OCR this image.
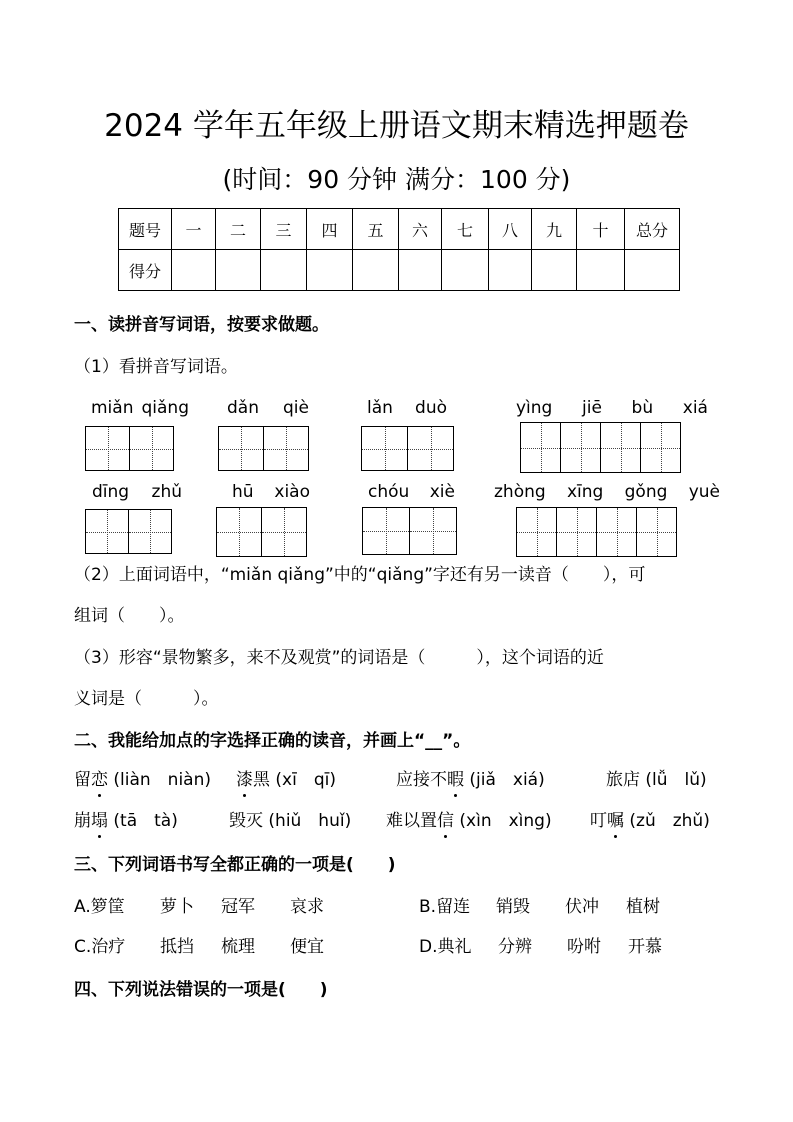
2024 学年五年级上册语文期末精选押题卷
(时间：90 分钟 满分：100 分)
题号	一	二	三	四	五	六	七	八	九	十	总分
得分											
一、读拼音写词语，按要求做题。
（1）看拼音写词语。
miǎn qiǎng dǎn qiè	lǎn duò	yìng jiē bù xiá
dīng zhǔ	hū xiào	chóu xiè zhòng xīng gǒng yuè
（2）上面词语中，“miǎn qiǎng”中的“qiǎng”字还有另一读音（　　），可
组词（　　）。
（3）形容“景物繁多，来不及观赏”的词语是（　　　），这个词语的近
义词是（　　　）。
二、我能给加点的字选择正确的读音，并画上“__”。
留恋 (liàn　niàn) 漆黑 (xī　qī)	应接不暇 (jiǎ　xiá)	旅店 (lǚ　lǔ)
崩塌 (tā　tà)	毁灭 (hiǔ　huǐ) 难以置信 (xìn　xìng) 叮嘱 (zǔ　zhǔ)
三、下列词语书写全都正确的一项是(　　)
A.箩筐 萝卜 冠军 哀求	B.留连 销毁 伏冲 植树
C.治疗 抵挡 梳理 便宜	D.典礼 分辨 吩咐 开慕
四、下列说法错误的一项是(　　)
